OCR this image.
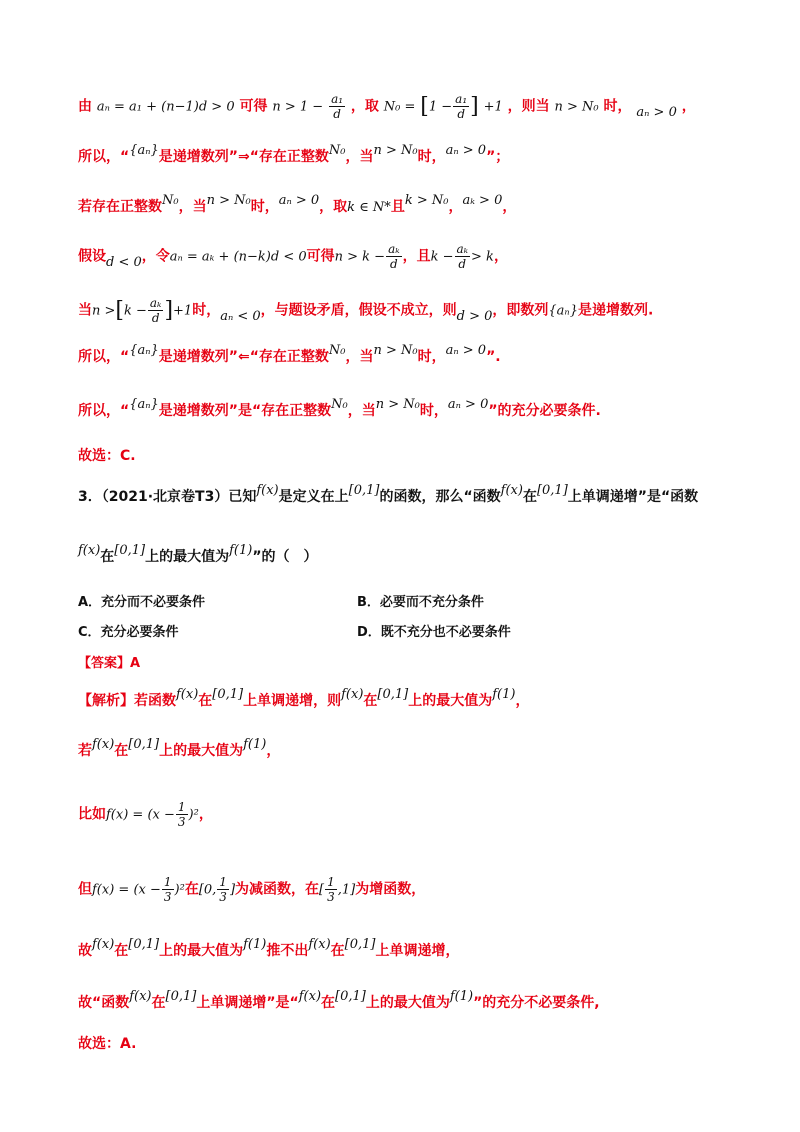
由 aₙ = a₁ + (n−1)d > 0 可得 $n > 1 - \frac{\text{a₁}}{d}$ ，取 $N_0 = [1 - \frac{\text{a₁}}{d}$ ] +1 ，则当 n > N₀ 时， aₙ > 0 ，
所以，“{aₙ}是递增数列”⇒“存在正整数N₀，当n > N₀时，aₙ > 0”；
若存在正整数N₀，当n > N₀时，aₙ > 0，取k ∈ N*且k > N₀，aₖ > 0，
假设d < 0，令aₙ = aₖ + (n−k)d < 0可得$n > k - \frac{\text{aₖ}}{d}$ ，且$k - \frac{\text{aₖ}}{d} > k$，
当$n >[k - \frac{\text{aₖ}}{d} ]+1$时，aₙ < 0，与题设矛盾，假设不成立，则d > 0，即数列{aₙ}是递增数列.
所以，“{aₙ}是递增数列”⇐“存在正整数N₀，当n > N₀时，aₙ > 0”.
所以，“{aₙ}是递增数列”是“存在正整数N₀，当n > N₀时，aₙ > 0”的充分必要条件.
故选：C.
3．（2021·北京卷T3）已知f(x)是定义在上[0,1]的函数，那么“函数f(x)在[0,1]上单调递增”是“函数
f(x)在[0,1]上的最大值为f(1)”的（　）
A．充分而不必要条件	B．必要而不充分条件
C．充分必要条件	D．既不充分也不必要条件
【答案】A
【解析】若函数f(x)在[0,1]上单调递增，则f(x)在[0,1]上的最大值为f(1)，
若f(x)在[0,1]上的最大值为f(1)，
比如$f(x) = (x - \frac{1}{3} )^2$，
但$f(x) = (x - \frac{1}{3} )^2$在[0, $\frac{1}{3}$ ]为减函数，在[ $\frac{1}{3} ,1$]为增函数，
故f(x)在[0,1]上的最大值为f(1)推不出f(x)在[0,1]上单调递增，
故“函数f(x)在[0,1]上单调递增”是“f(x)在[0,1]上的最大值为f(1)”的充分不必要条件,
故选：A.
